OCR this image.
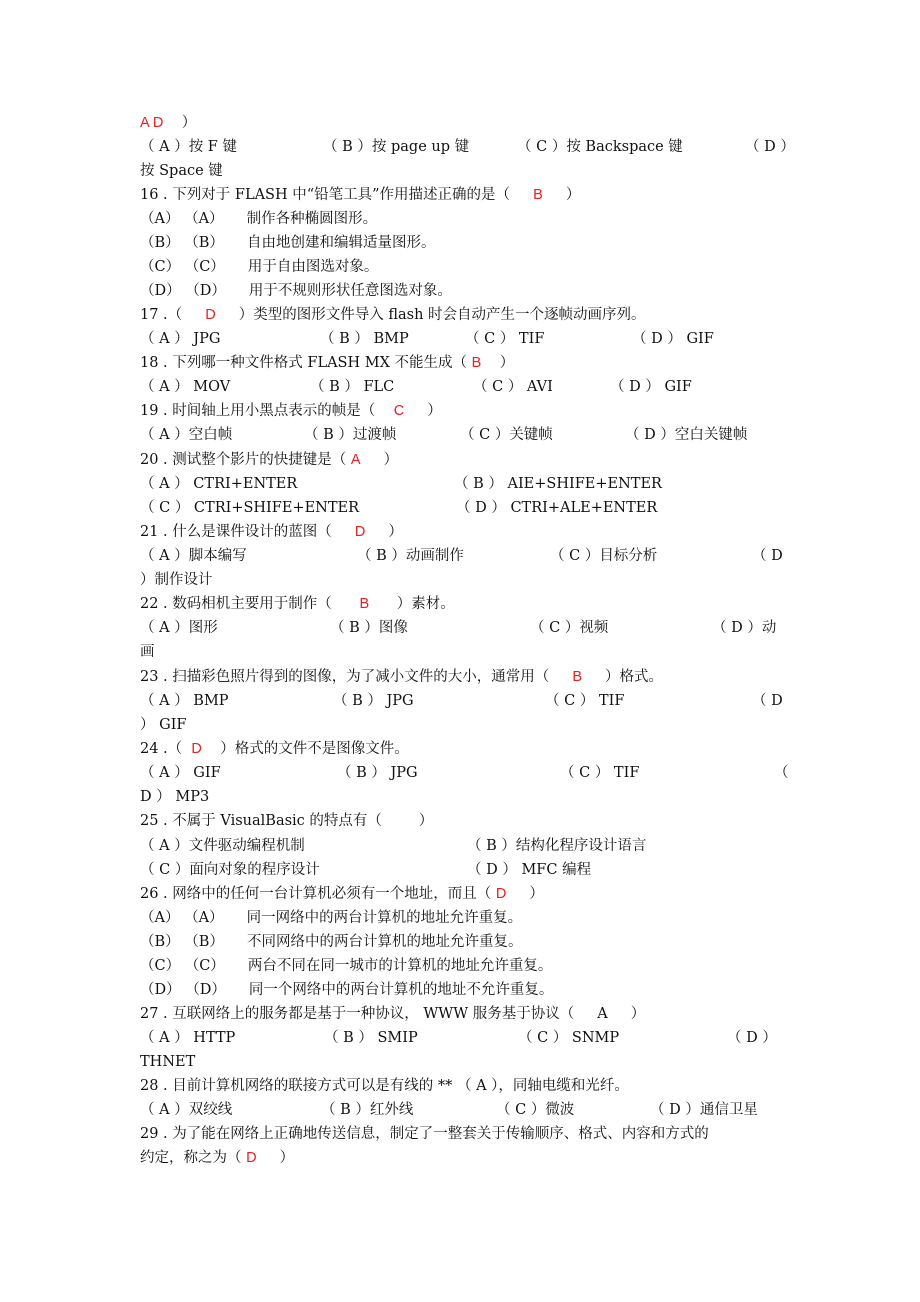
A D    ）
（ A ）按 F 键	（ B ）按 page up 键	（ C ）按 Backspace 键	（ D ）
按 Space 键
16 . 下列对于 FLASH 中“铅笔工具”作用描述正确的是（     B     ）
（A） （A）     制作各种椭圆图形。
（B） （B）     自由地创建和编辑适量图形。
（C） （C）     用于自由图选对象。
（D） （D）     用于不规则形状任意图选对象。
17 .（     D     ）类型的图形文件导入 flash 时会自动产生一个逐帧动画序列。
（ A ） JPG	（ B ） BMP	（ C ） TIF	（ D ） GIF
18 . 下列哪一种文件格式 FLASH MX 不能生成（ B    ）
（ A ） MOV	（ B ） FLC	（ C ） AVI	（ D ） GIF
19 . 时间轴上用小黑点表示的帧是（    C     ）
（ A ）空白帧	（ B ）过渡帧	（ C ）关键帧	（ D ）空白关键帧
20 . 测试整个影片的快捷键是（ A     ）
（ A ） CTRI+ENTER	（ B ） AIE+SHIFE+ENTER
（ C ） CTRI+SHIFE+ENTER	（ D ） CTRI+ALE+ENTER
21 . 什么是课件设计的蓝图（     D     ）
（ A ）脚本编写	（ B ）动画制作	（ C ）目标分析	（ D
）制作设计
22 . 数码相机主要用于制作（      B      ）素材。
（ A ）图形	（ B ）图像	（ C ）视频	（ D ）动
画
23 . 扫描彩色照片得到的图像，为了减小文件的大小，通常用（     B     ）格式。
（ A ） BMP	（ B ） JPG	（ C ） TIF	（ D
） GIF
24 .（  D    ）格式的文件不是图像文件。
（ A ） GIF	（ B ） JPG	（ C ） TIF	（
D ） MP3
25 . 不属于 VisualBasic 的特点有（        ）
（ A ）文件驱动编程机制	（ B ）结构化程序设计语言
（ C ）面向对象的程序设计	（ D ） MFC 编程
26 . 网络中的任何一台计算机必须有一个地址，而且（ D     ）
（A） （A）     同一网络中的两台计算机的地址允许重复。
（B） （B）     不同网络中的两台计算机的地址允许重复。
（C） （C）     两台不同在同一城市的计算机的地址允许重复。
（D） （D）     同一个网络中的两台计算机的地址不允许重复。
27 . 互联网络上的服务都是基于一种协议， WWW 服务基于协议（     A     ）
（ A ） HTTP	（ B ） SMIP	（ C ） SNMP	（ D ）
THNET
28 . 目前计算机网络的联接方式可以是有线的 ** （ A ），同轴电缆和光纤。
（ A ）双绞线	（ B ）红外线	（ C ）微波	（ D ）通信卫星
29 . 为了能在网络上正确地传送信息，制定了一整套关于传输顺序、格式、内容和方式的
约定，称之为（ D     ）
